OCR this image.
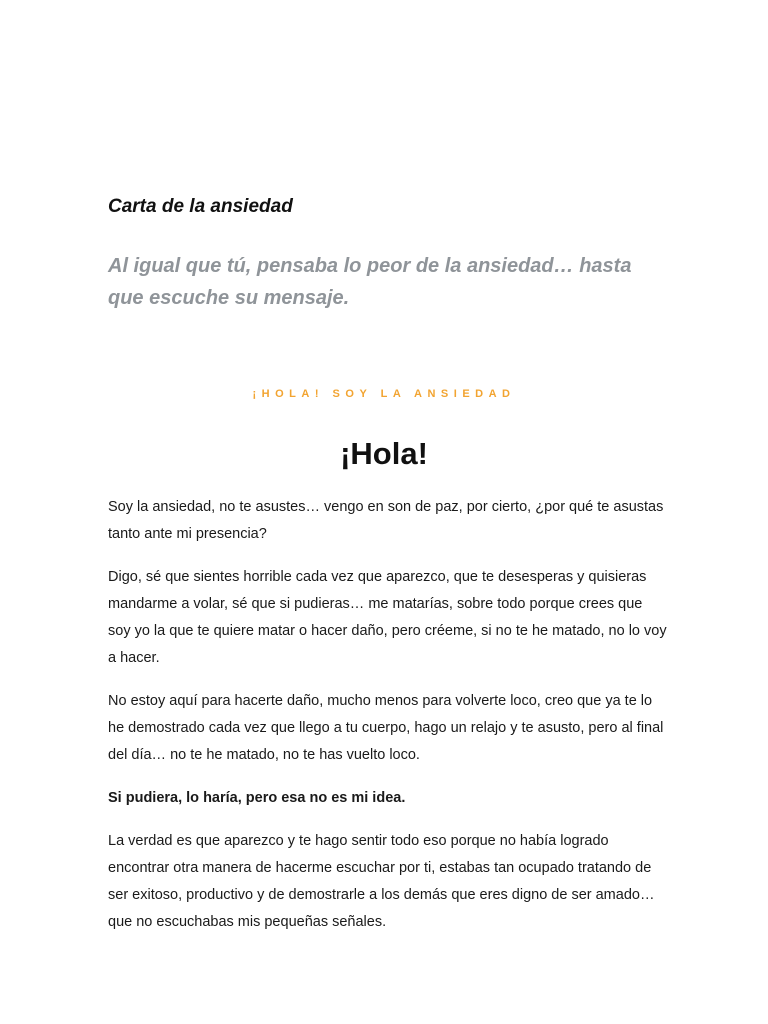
Carta de la ansiedad

Al igual que tú, pensaba lo peor de la ansiedad… hasta que escuche su mensaje.

¡HOLA! SOY LA ANSIEDAD

¡Hola!

Soy la ansiedad, no te asustes… vengo en son de paz, por cierto, ¿por qué te asustas tanto ante mi presencia?

Digo, sé que sientes horrible cada vez que aparezco, que te desesperas y quisieras mandarme a volar, sé que si pudieras… me matarías, sobre todo porque crees que soy yo la que te quiere matar o hacer daño, pero créeme, si no te he matado, no lo voy a hacer.

No estoy aquí para hacerte daño, mucho menos para volverte loco, creo que ya te lo he demostrado cada vez que llego a tu cuerpo, hago un relajo y te asusto, pero al final del día… no te he matado, no te has vuelto loco.

Si pudiera, lo haría, pero esa no es mi idea.

La verdad es que aparezco y te hago sentir todo eso porque no había logrado encontrar otra manera de hacerme escuchar por ti, estabas tan ocupado tratando de ser exitoso, productivo y de demostrarle a los demás que eres digno de ser amado… que no escuchabas mis pequeñas señales.
